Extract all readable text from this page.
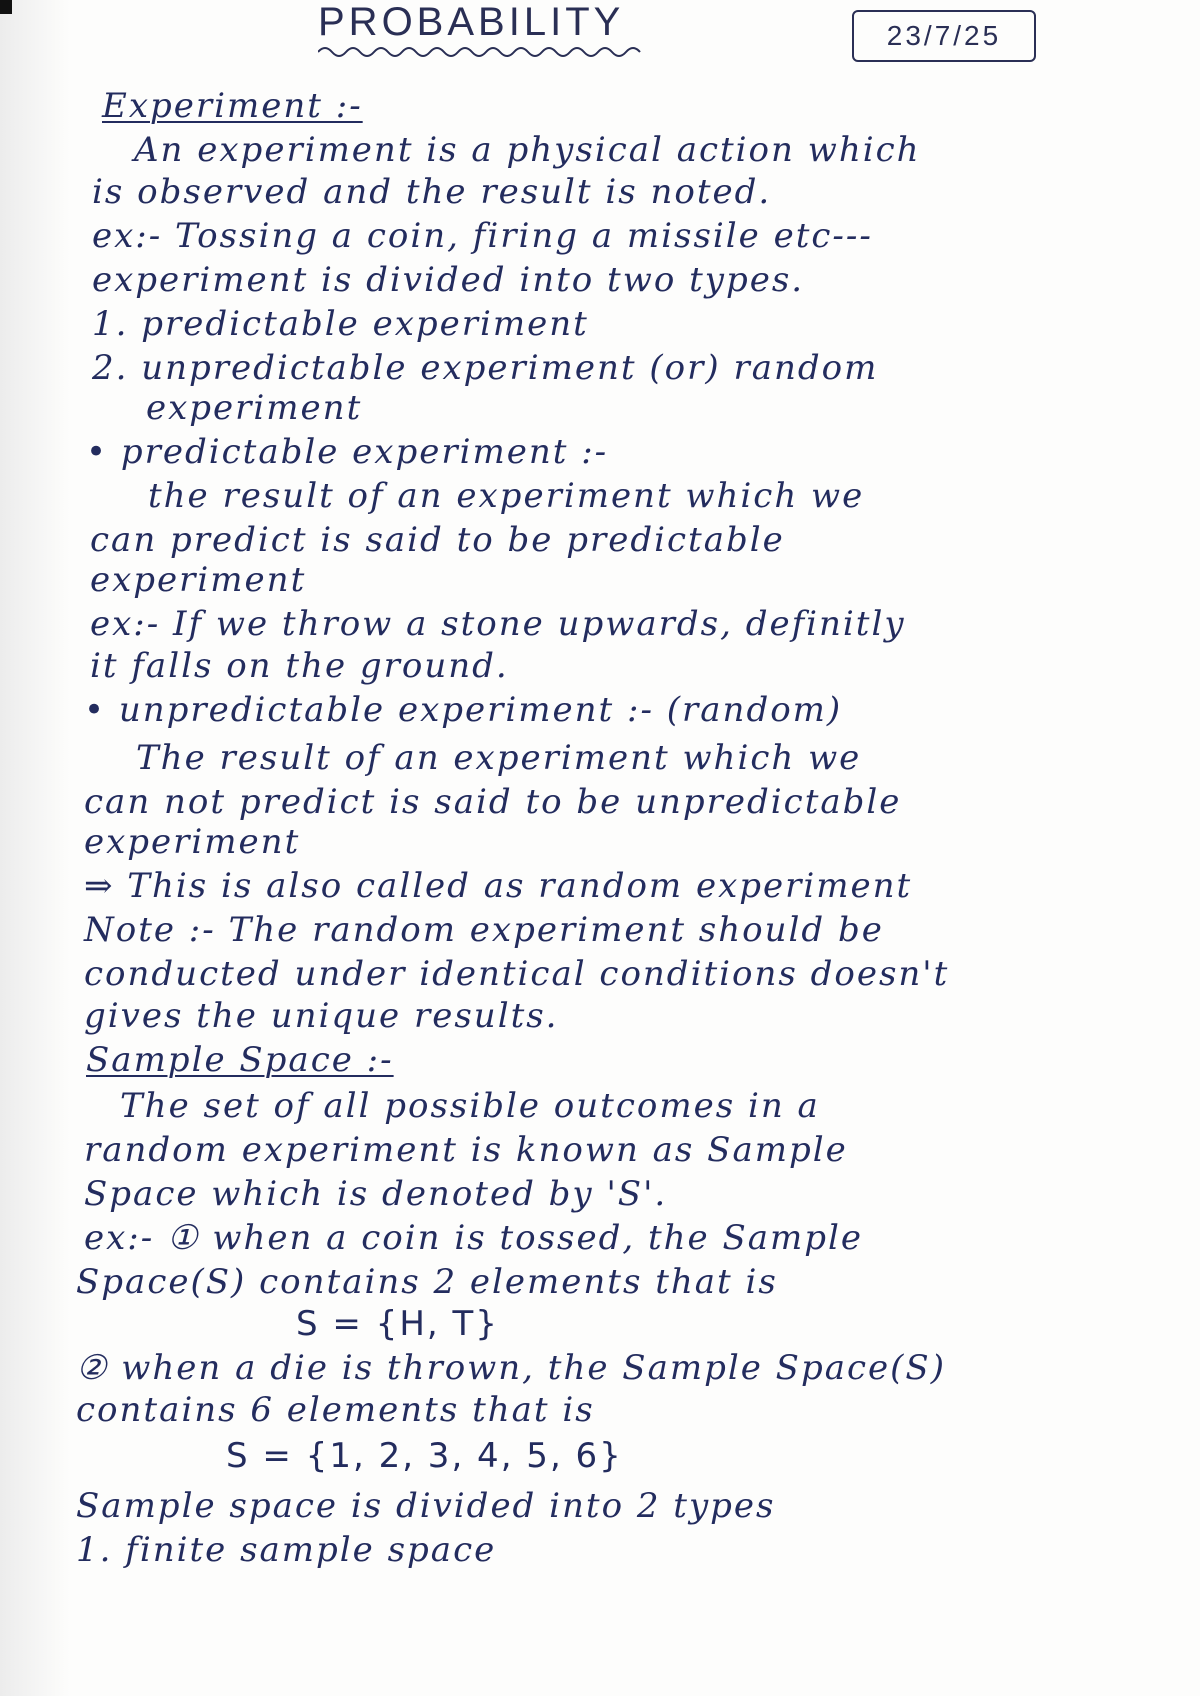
PROBABILITY	23/7/25
Experiment :-
An experiment is a physical action which
is observed and the result is noted.
ex:- Tossing a coin, firing a missile etc---
experiment is divided into two types.
1. predictable experiment
2. unpredictable experiment (or) random
experiment
• predictable experiment :-
the result of an experiment which we
can predict is said to be predictable
experiment
ex:- If we throw a stone upwards, definitly
it falls on the ground.
• unpredictable experiment :- (random)
The result of an experiment which we
can not predict is said to be unpredictable
experiment
⇒ This is also called as random experiment
Note :- The random experiment should be
conducted under identical conditions doesn't
gives the unique results.
Sample Space :-
The set of all possible outcomes in a
random experiment is known as Sample
Space which is denoted by 'S'.
ex:- ① when a coin is tossed, the Sample
Space(S) contains 2 elements that is
S = {H, T}
② when a die is thrown, the Sample Space(S)
contains 6 elements that is
S = {1, 2, 3, 4, 5, 6}
Sample space is divided into 2 types
1. finite sample space
